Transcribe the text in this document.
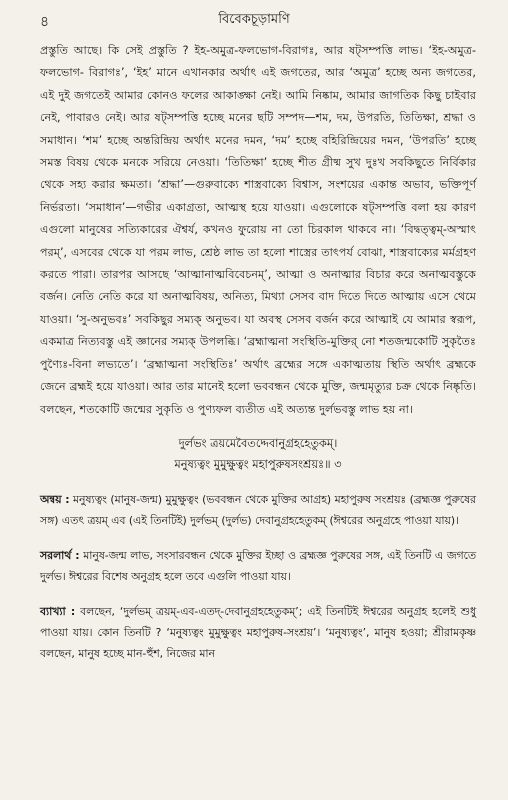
৪	বিবেকচূড়ামণি

প্রস্তুতি আছে। কি সেই প্রস্তুতি ? ইহ-অমুত্র-ফলভোগ-বিরাগঃ, আর ষট্সম্পত্তি লাভ। ‘ইহ-অমুত্র-ফলভোগ- বিরাগঃ’, ‘ইহ’ মানে এখানকার অর্থাৎ এই জগতের, আর ‘অমুত্র’ হচ্ছে অন্য জগতের, এই দুই জগতেই আমার কোনও ফলের আকাঙ্ক্ষা নেই। আমি নিষ্কাম, আমার জাগতিক কিছু চাইবার নেই, পাবারও নেই। আর ষট্সম্পত্তি হচ্ছে মনের ছটি সম্পদ—শম, দম, উপরতি, তিতিক্ষা, শ্রদ্ধা ও সমাধান। ‘শম’ হচ্ছে অন্তরিন্দ্রিয় অর্থাৎ মনের দমন, ‘দম’ হচ্ছে বহিরিন্দ্রিয়ের দমন, ‘উপরতি’ হচ্ছে সমস্ত বিষয় থেকে মনকে সরিয়ে নেওয়া। ‘তিতিক্ষা’ হচ্ছে শীত গ্রীষ্ম সুখ দুঃখ সবকিছুতে নির্বিকার থেকে সহ্য করার ক্ষমতা। ‘শ্রদ্ধা’—গুরুবাক্যে শাস্ত্রবাক্যে বিশ্বাস, সংশয়ের একান্ত অভাব, ভক্তিপূর্ণ নির্ভরতা। ‘সমাধান’—গভীর একাগ্রতা, আত্মস্থ হয়ে যাওয়া। এগুলোকে ষট্সম্পত্তি বলা হয় কারণ এগুলো মানুষের সত্যিকারের ঐশ্বর্য, কখনও ফুরোয় না তো চিরকাল থাকবে না। ‘বিদ্বত্ত্বম্-অস্মাৎ পরম্’, এসবের থেকে যা পরম লাভ, শ্রেষ্ঠ লাভ তা হলো শাস্ত্রের তাৎপর্য বোঝা, শাস্ত্রবাক্যের মর্মগ্রহণ করতে পারা। তারপর আসছে ‘আত্মানাত্মবিবেচনম্’, আত্মা ও অনাত্মার বিচার করে অনাত্মবস্তুকে বর্জন। নেতি নেতি করে যা অনাত্মবিষয়, অনিত্য, মিথ্যা সেসব বাদ দিতে দিতে আত্মায় এসে থেমে যাওয়া। ‘সু-অনুভবঃ’ সবকিছুর সম্যক্ অনুভব। যা অবস্থ সেসব বর্জন করে আত্মাই যে আমার স্বরূপ, একমাত্র নিত্যবস্তু এই জ্ঞানের সম্যক্ উপলব্ধি। ‘ব্রহ্মাত্মনা সংস্থিতি-মুক্তির্ নো শতজন্মকোটি সুকৃতৈঃ পুণ্যৈঃ-বিনা লভ্যতে’। ‘ব্রহ্মাত্মনা সংস্থিতিঃ’ অর্থাৎ ব্রহ্মের সঙ্গে একাত্মতায় স্থিতি অর্থাৎ ব্রহ্মকে জেনে ব্রহ্মই হয়ে যাওয়া। আর তার মানেই হলো ভববন্ধন থেকে মুক্তি, জন্মমৃত্যুর চক্র থেকে নিষ্কৃতি। বলছেন, শতকোটি জন্মের সুকৃতি ও পুণ্যফল ব্যতীত এই অত্যন্ত দুর্লভবস্তু লাভ হয় না।

দুর্লভং ত্রয়মেবৈতদ্দেবানুগ্রহহেতুকম্।
মনুষ্যত্বং মুমুক্ষুত্বং মহাপুরুষসংশ্রয়ঃ॥ ৩

অন্বয় : মনুষ্যত্বং (মানুষ-জন্ম) মুমুক্ষুত্বং (ভববন্ধন থেকে মুক্তির আগ্রহ) মহাপুরুষ সংশ্রয়ঃ (ব্রহ্মজ্ঞ পুরুষের সঙ্গ) এতৎ ত্রয়ম্ এব (এই তিনটিই) দুর্লভম্ (দুর্লভ) দেবানুগ্রহহেতুকম্ (ঈশ্বরের অনুগ্রহে পাওয়া যায়)।

সরলার্থ : মানুষ-জন্ম লাভ, সংসারবন্ধন থেকে মুক্তির ইচ্ছা ও ব্রহ্মজ্ঞ পুরুষের সঙ্গ, এই তিনটি এ জগতে দুর্লভ। ঈশ্বরের বিশেষ অনুগ্রহ হলে তবে এগুলি পাওয়া যায়।

ব্যাখ্যা : বলছেন, ‘দুর্লভম্ ত্রয়ম্-এব-এতদ্-দেবানুগ্রহহেতুকম্’; এই তিনটিই ঈশ্বরের অনুগ্রহ হলেই শুধু পাওয়া যায়। কোন তিনটি ? ‘মনুষ্যত্বং মুমুক্ষুত্বং মহাপুরুষ-সংশ্রয়’। ‘মনুষ্যত্বং’, মানুষ হওয়া; শ্রীরামকৃষ্ণ বলছেন, মানুষ হচ্ছে মান-হুঁশ, নিজের মান
